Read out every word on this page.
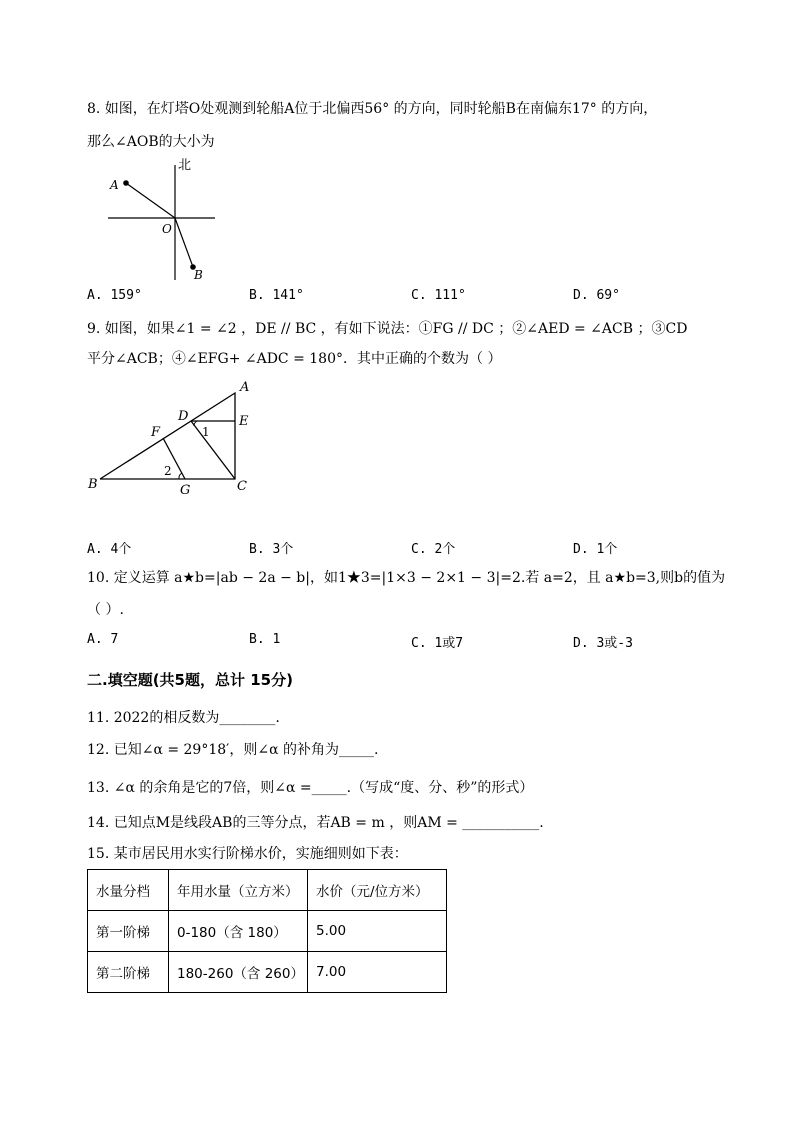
8. 如图，在灯塔O处观测到轮船A位于北偏西56° 的方向，同时轮船B在南偏东17° 的方向，
那么∠AOB的大小为
北
A
O
B
A. 159°	B. 141°	C. 111°	D. 69°
9. 如图，如果∠1 = ∠2 ，DE // BC ，有如下说法：①FG // DC ；②∠AED = ∠ACB ；③CD
平分∠ACB；④∠EFG+ ∠ADC = 180°．其中正确的个数为（ ）
A
D	E
F	1
2
B	G	C
A. 4个	B. 3个	C. 2个	D. 1个
10. 定义运算 a★b=|ab − 2a − b|，如1★3=|1×3 − 2×1 − 3|=2.若 a=2，且 a★b=3,则b的值为
（ ）.
A. 7	B. 1	C. 1或7	D. 3或-3
二.填空题(共5题，总计 15分)
11. 2022的相反数为________.
12. 已知∠α = 29°18′，则∠α 的补角为_____.
13. ∠α 的余角是它的7倍，则∠α =_____.（写成“度、分、秒”的形式）
14. 已知点M是线段AB的三等分点，若AB = m ，则AM = ___________.
15. 某市居民用水实行阶梯水价，实施细则如下表：
水量分档	年用水量（立方米）	水价（元/位方米）
第一阶梯	0-180（含 180）	5.00
第二阶梯	180-260（含 260）	7.00
